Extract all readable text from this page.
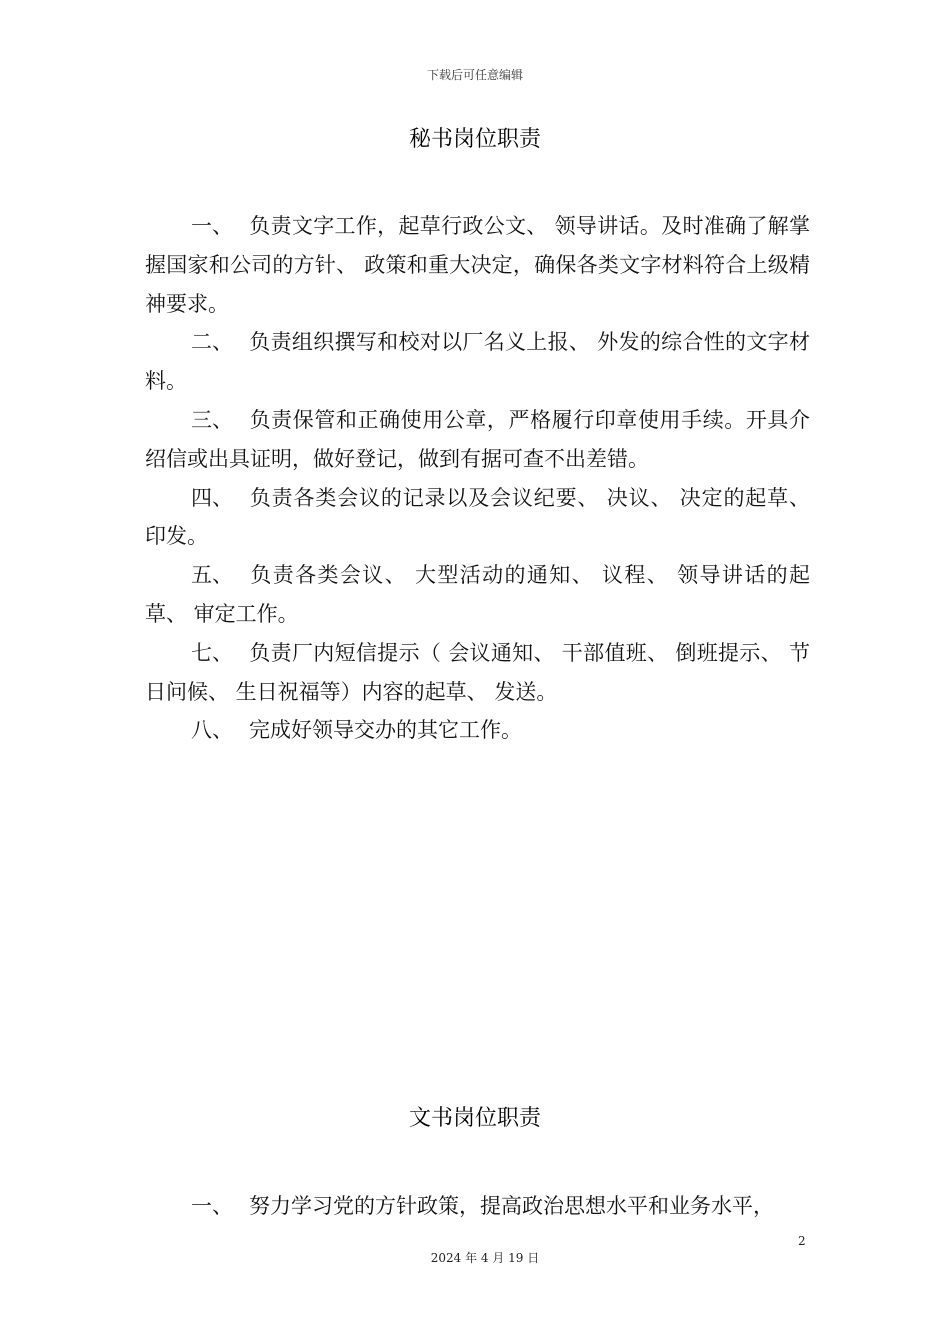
下载后可任意编辑
秘书岗位职责

一、 负责文字工作，起草行政公文、 领导讲话。及时准确了解掌握国家和公司的方针、 政策和重大决定，确保各类文字材料符合上级精神要求。

二、 负责组织撰写和校对以厂名义上报、 外发的综合性的文字材料。

三、 负责保管和正确使用公章，严格履行印章使用手续。开具介绍信或出具证明，做好登记，做到有据可查不出差错。

四、 负责各类会议的记录以及会议纪要、 决议、 决定的起草、 印发。

五、 负责各类会议、 大型活动的通知、 议程、 领导讲话的起草、 审定工作。

七、 负责厂内短信提示（ 会议通知、 干部值班、 倒班提示、 节日问候、 生日祝福等）内容的起草、 发送。

八、 完成好领导交办的其它工作。

文书岗位职责

一、 努力学习党的方针政策，提高政治思想水平和业务水平，

2
2024 年 4 月 19 日
